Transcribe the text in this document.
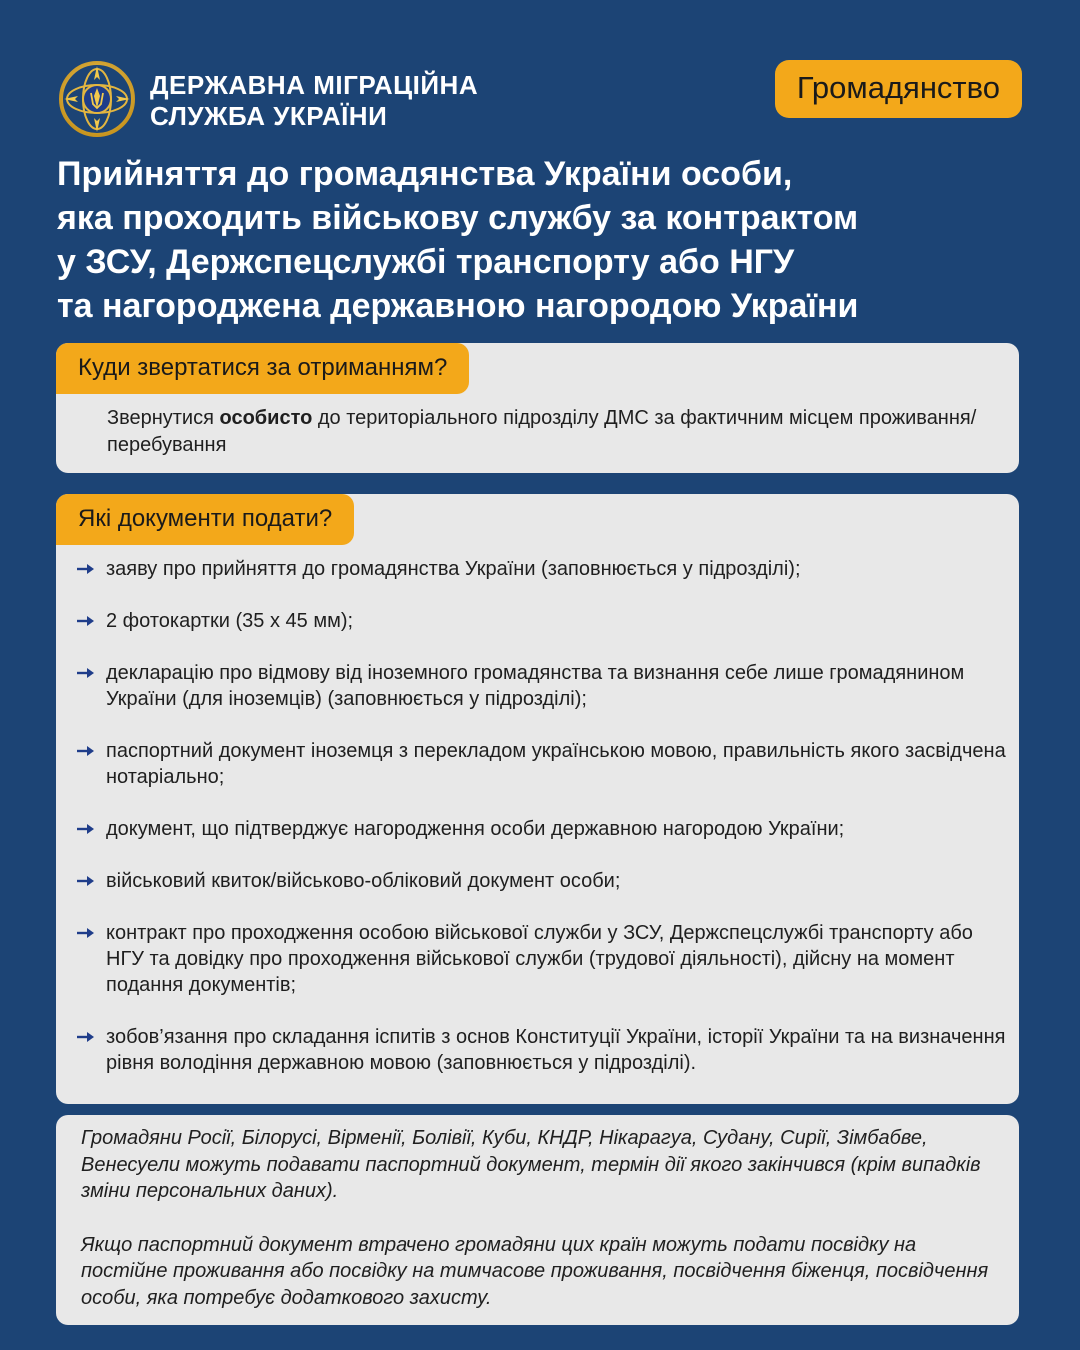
ДЕРЖАВНА МІГРАЦІЙНА
СЛУЖБА УКРАЇНИ
Громадянство
Прийняття до громадянства України особи,
яка проходить військову службу за контрактом
у ЗСУ, Держспецслужбі транспорту або НГУ
та нагороджена державною нагородою України
Куди звертатися за отриманням?

Звернутися особисто до територіального підрозділу ДМС за фактичним місцем проживання/перебування

Які документи подати?
заяву про прийняття до громадянства України (заповнюється у підрозділі);
2 фотокартки (35 х 45 мм);
декларацію про відмову від іноземного громадянства та визнання себе лише громадянином України (для іноземців) (заповнюється у підрозділі);
паспортний документ іноземця з перекладом українською мовою, правильність якого засвідчена нотаріально;
документ, що підтверджує нагородження особи державною нагородою України;
військовий квиток/військово-обліковий документ особи;
контракт про проходження особою військової служби у ЗСУ, Держспецслужбі транспорту або НГУ та довідку про проходження військової служби (трудової діяльності), дійсну на момент подання документів;
зобов’язання про складання іспитів з основ Конституції України, історії України та на визначення рівня володіння державною мовою (заповнюється у підрозділі).

Громадяни Росії, Білорусі, Вірменії, Болівії, Куби, КНДР, Нікарагуа, Судану, Сирії, Зімбабве, Венесуели можуть подавати паспортний документ, термін дії якого закінчився (крім випадків зміни персональних даних).

Якщо паспортний документ втрачено громадяни цих країн можуть подати посвідку на постійне проживання або посвідку на тимчасове проживання, посвідчення біженця, посвідчення особи, яка потребує додаткового захисту.
